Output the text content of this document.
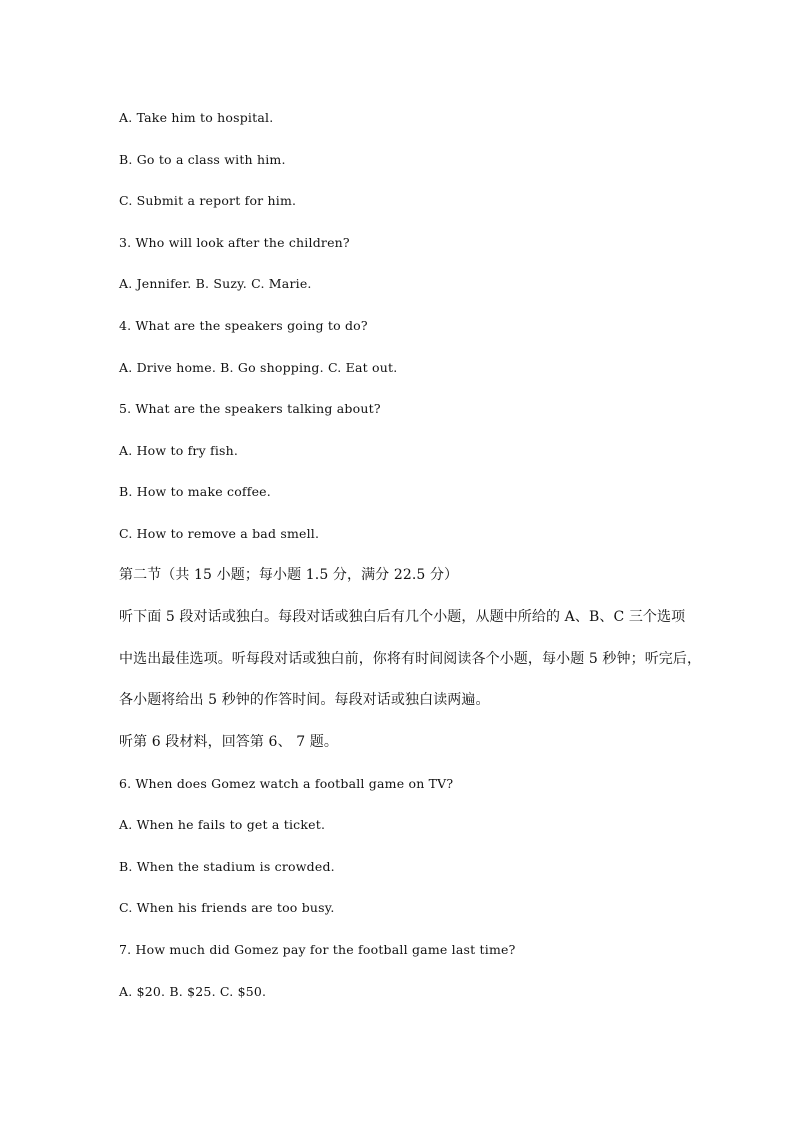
A. Take him to hospital.
B. Go to a class with him.
C. Submit a report for him.
3. Who will look after the children?
A. Jennifer. B. Suzy. C. Marie.
4. What are the speakers going to do?
A. Drive home. B. Go shopping. C. Eat out.
5. What are the speakers talking about?
A. How to fry fish.
B. How to make coffee.
C. How to remove a bad smell.
第二节（共 15 小题；每小题 1.5 分，满分 22.5 分）
听下面 5 段对话或独白。每段对话或独白后有几个小题，从题中所给的 A、B、C 三个选项
中选出最佳选项。听每段对话或独白前，你将有时间阅读各个小题，每小题 5 秒钟；听完后，
各小题将给出 5 秒钟的作答时间。每段对话或独白读两遍。
听第 6 段材料，回答第 6、 7 题。
6. When does Gomez watch a football game on TV?
A. When he fails to get a ticket.
B. When the stadium is crowded.
C. When his friends are too busy.
7. How much did Gomez pay for the football game last time?
A. $20. B. $25. C. $50.
